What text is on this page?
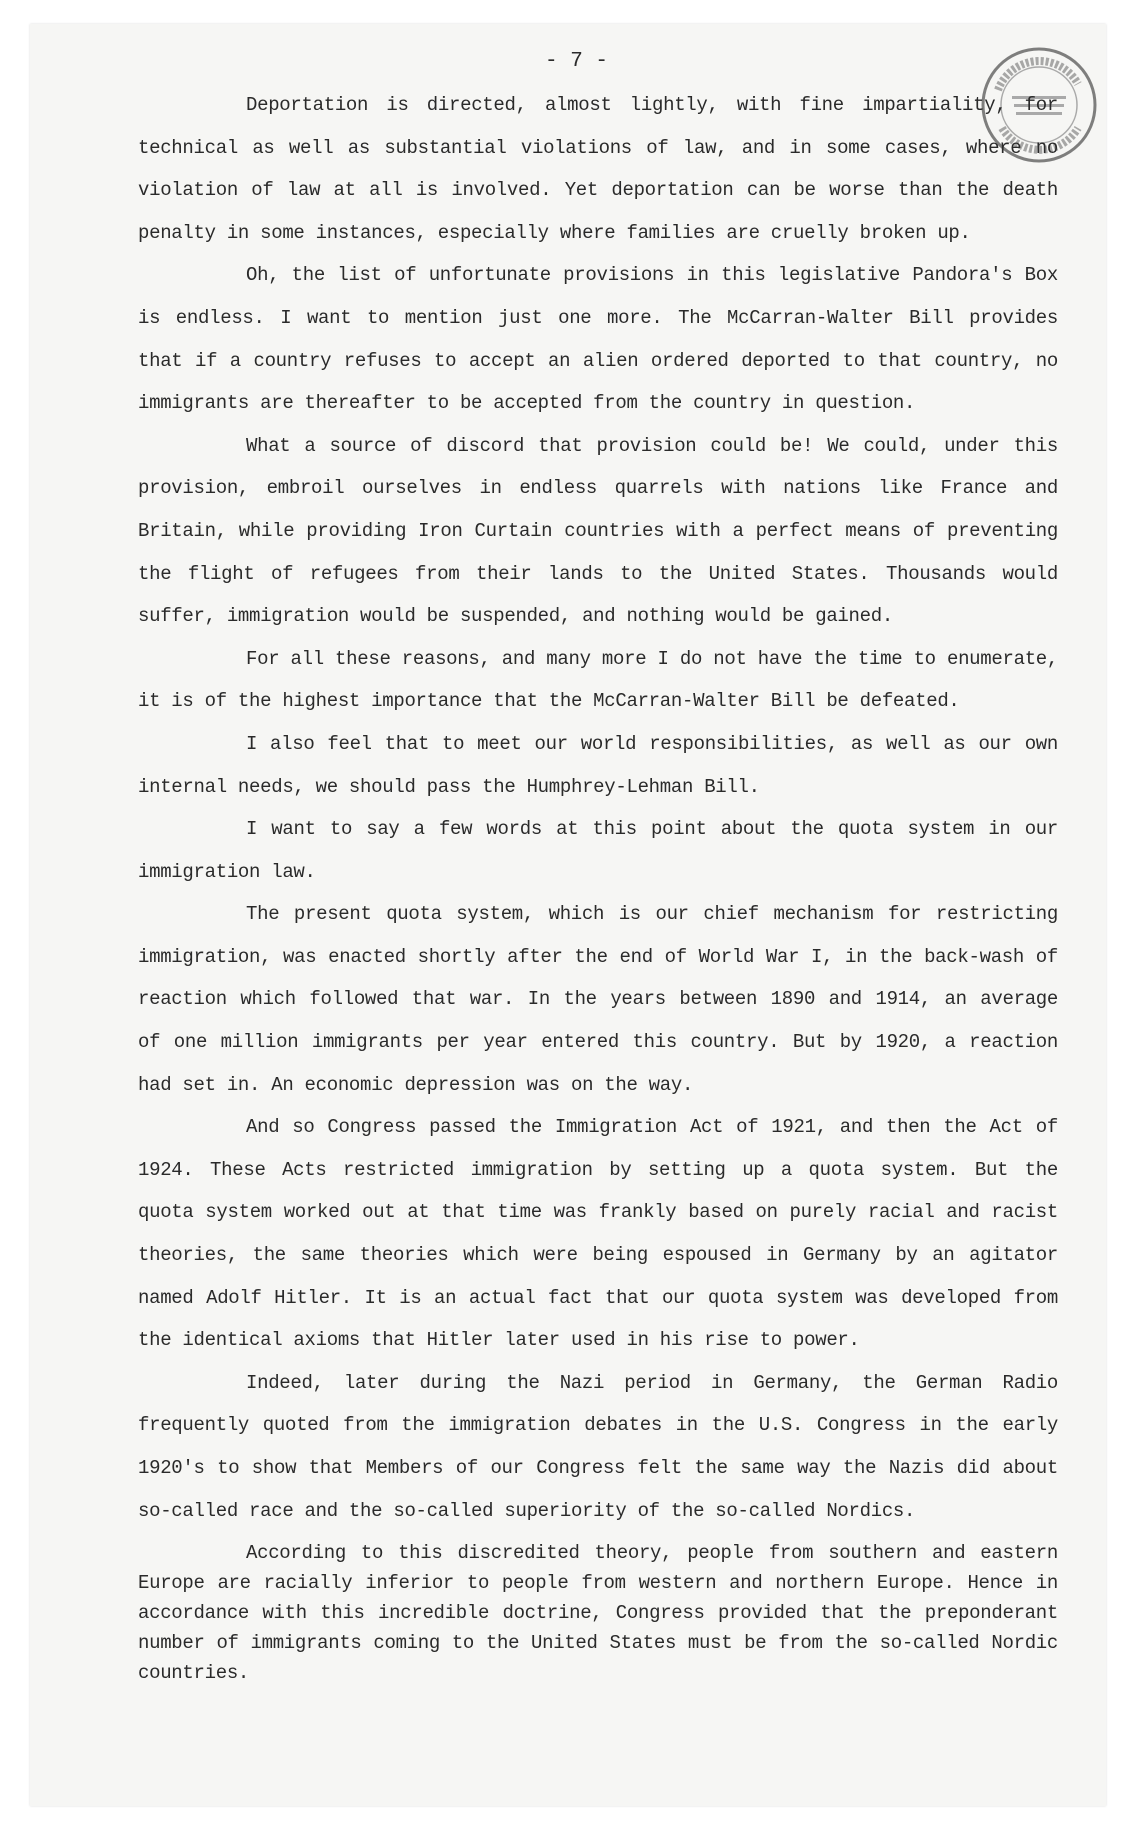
- 7 -

Deportation is directed, almost lightly, with fine impartiality, for technical as well as substantial violations of law, and in some cases, where no violation of law at all is involved. Yet deportation can be worse than the death penalty in some instances, especially where families are cruelly broken up.

Oh, the list of unfortunate provisions in this legislative Pandora's Box is endless. I want to mention just one more. The McCarran-Walter Bill provides that if a country refuses to accept an alien ordered deported to that country, no immigrants are thereafter to be accepted from the country in question.

What a source of discord that provision could be! We could, under this provision, embroil ourselves in endless quarrels with nations like France and Britain, while providing Iron Curtain countries with a perfect means of preventing the flight of refugees from their lands to the United States. Thousands would suffer, immigration would be suspended, and nothing would be gained.

For all these reasons, and many more I do not have the time to enumerate, it is of the highest importance that the McCarran-Walter Bill be defeated.

I also feel that to meet our world responsibilities, as well as our own internal needs, we should pass the Humphrey-Lehman Bill.

I want to say a few words at this point about the quota system in our immigration law.

The present quota system, which is our chief mechanism for restricting immigration, was enacted shortly after the end of World War I, in the back-wash of reaction which followed that war. In the years between 1890 and 1914, an average of one million immigrants per year entered this country. But by 1920, a reaction had set in. An economic depression was on the way.

And so Congress passed the Immigration Act of 1921, and then the Act of 1924. These Acts restricted immigration by setting up a quota system. But the quota system worked out at that time was frankly based on purely racial and racist theories, the same theories which were being espoused in Germany by an agitator named Adolf Hitler. It is an actual fact that our quota system was developed from the identical axioms that Hitler later used in his rise to power.

Indeed, later during the Nazi period in Germany, the German Radio frequently quoted from the immigration debates in the U.S. Congress in the early 1920's to show that Members of our Congress felt the same way the Nazis did about so-called race and the so-called superiority of the so-called Nordics.

According to this discredited theory, people from southern and eastern Europe are racially inferior to people from western and northern Europe. Hence in accordance with this incredible doctrine, Congress provided that the preponderant number of immigrants coming to the United States must be from the so-called Nordic countries.
